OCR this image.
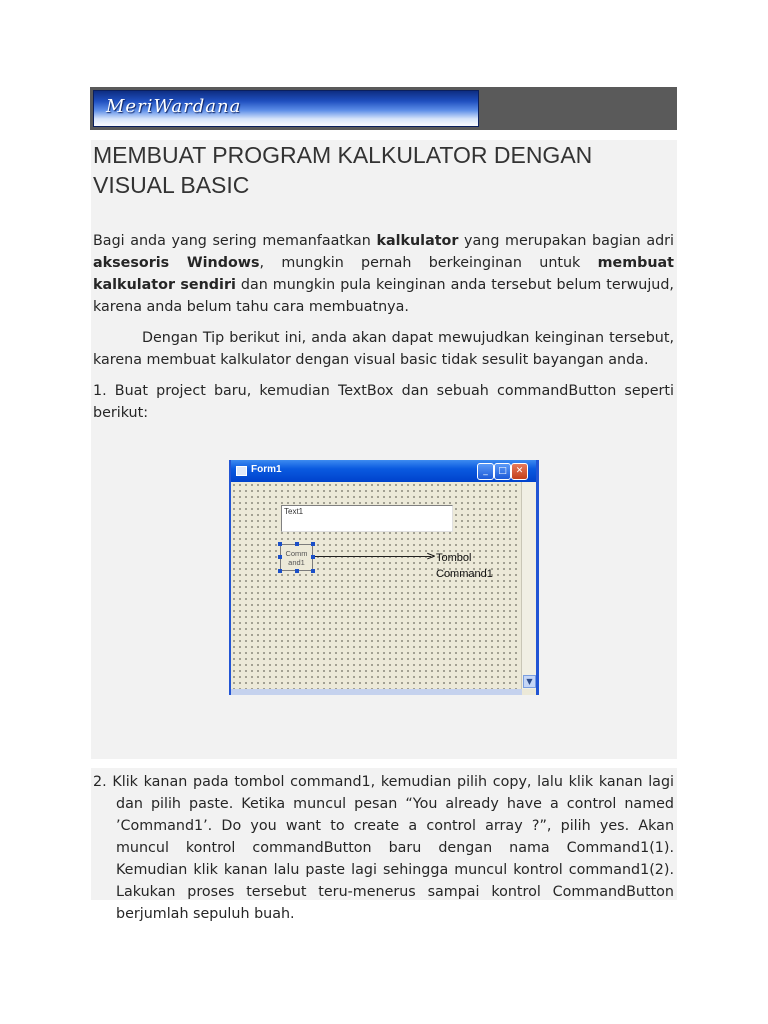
MeriWardana
MEMBUAT PROGRAM KALKULATOR DENGAN VISUAL BASIC

Bagi anda yang sering memanfaatkan kalkulator yang merupakan bagian adri aksesoris Windows, mungkin pernah berkeinginan untuk membuat kalkulator sendiri dan mungkin pula keinginan anda tersebut belum terwujud, karena anda belum tahu cara membuatnya.

Dengan Tip berikut ini, anda akan dapat mewujudkan keinginan tersebut, karena membuat kalkulator dengan visual basic tidak sesulit bayangan anda.

1. Buat project baru, kemudian TextBox dan sebuah commandButton seperti berikut:

Form1	_	□ ✕
Text1
Comm
and1	> Tombol
Command1
▼

2. Klik kanan pada tombol command1, kemudian pilih copy, lalu klik kanan lagi dan pilih paste. Ketika muncul pesan “You already have a control named ’Command1’. Do you want to create a control array ?”, pilih yes. Akan muncul kontrol commandButton baru dengan nama Command1(1). Kemudian klik kanan lalu paste lagi sehingga muncul kontrol command1(2). Lakukan proses tersebut teru-menerus sampai kontrol CommandButton berjumlah sepuluh buah.
